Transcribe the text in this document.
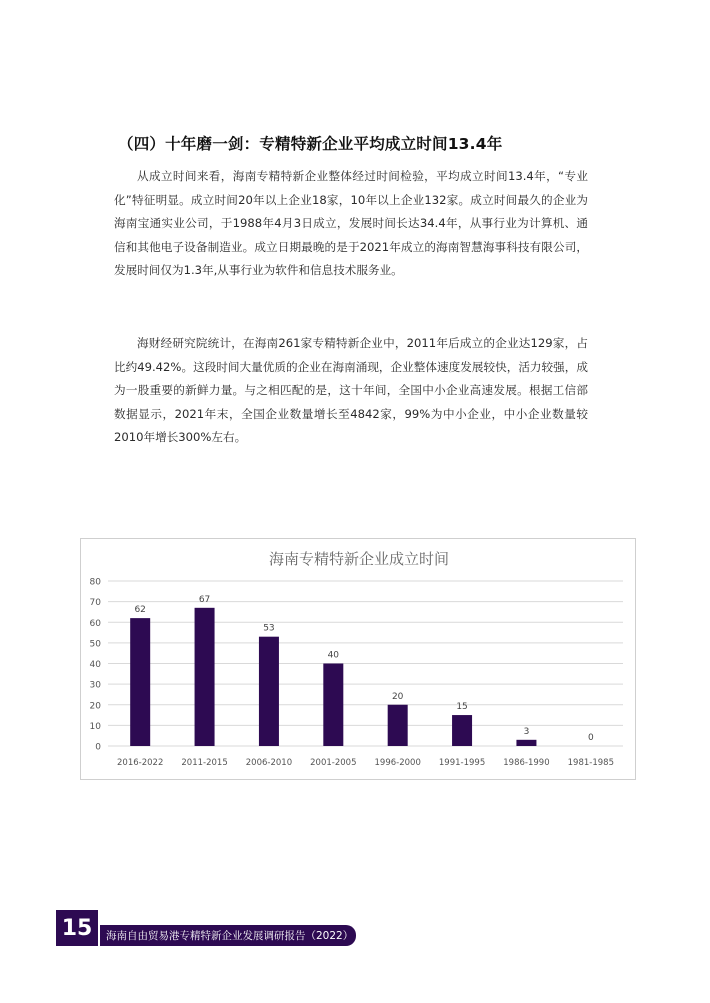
（四）十年磨一剑：专精特新企业平均成立时间13.4年

从成立时间来看，海南专精特新企业整体经过时间检验，平均成立时间13.4年，“专业化”特征明显。成立时间20年以上企业18家，10年以上企业132家。成立时间最久的企业为海南宝通实业公司，于1988年4月3日成立，发展时间长达34.4年，从事行业为计算机、通信和其他电子设备制造业。成立日期最晚的是于2021年成立的海南智慧海事科技有限公司，发展时间仅为1.3年,从事行业为软件和信息技术服务业。

海财经研究院统计，在海南261家专精特新企业中，2011年后成立的企业达129家，占比约49.42%。这段时间大量优质的企业在海南涌现，企业整体速度发展较快，活力较强，成为一股重要的新鲜力量。与之相匹配的是，这十年间，全国中小企业高速发展。根据工信部数据显示，2021年末，全国企业数量增长至4842家，99%为中小企业，中小企业数量较2010年增长300%左右。

海南专精特新企业成立时间
0
10
20
30
40
50
60
70
80
62
2016-2022
67
2011-2015
53
2006-2010
40
2001-2005
20
1996-2000
15
1991-1995
3
1986-1990
0
1981-1985
15	海南自由贸易港专精特新企业发展调研报告（2022）
